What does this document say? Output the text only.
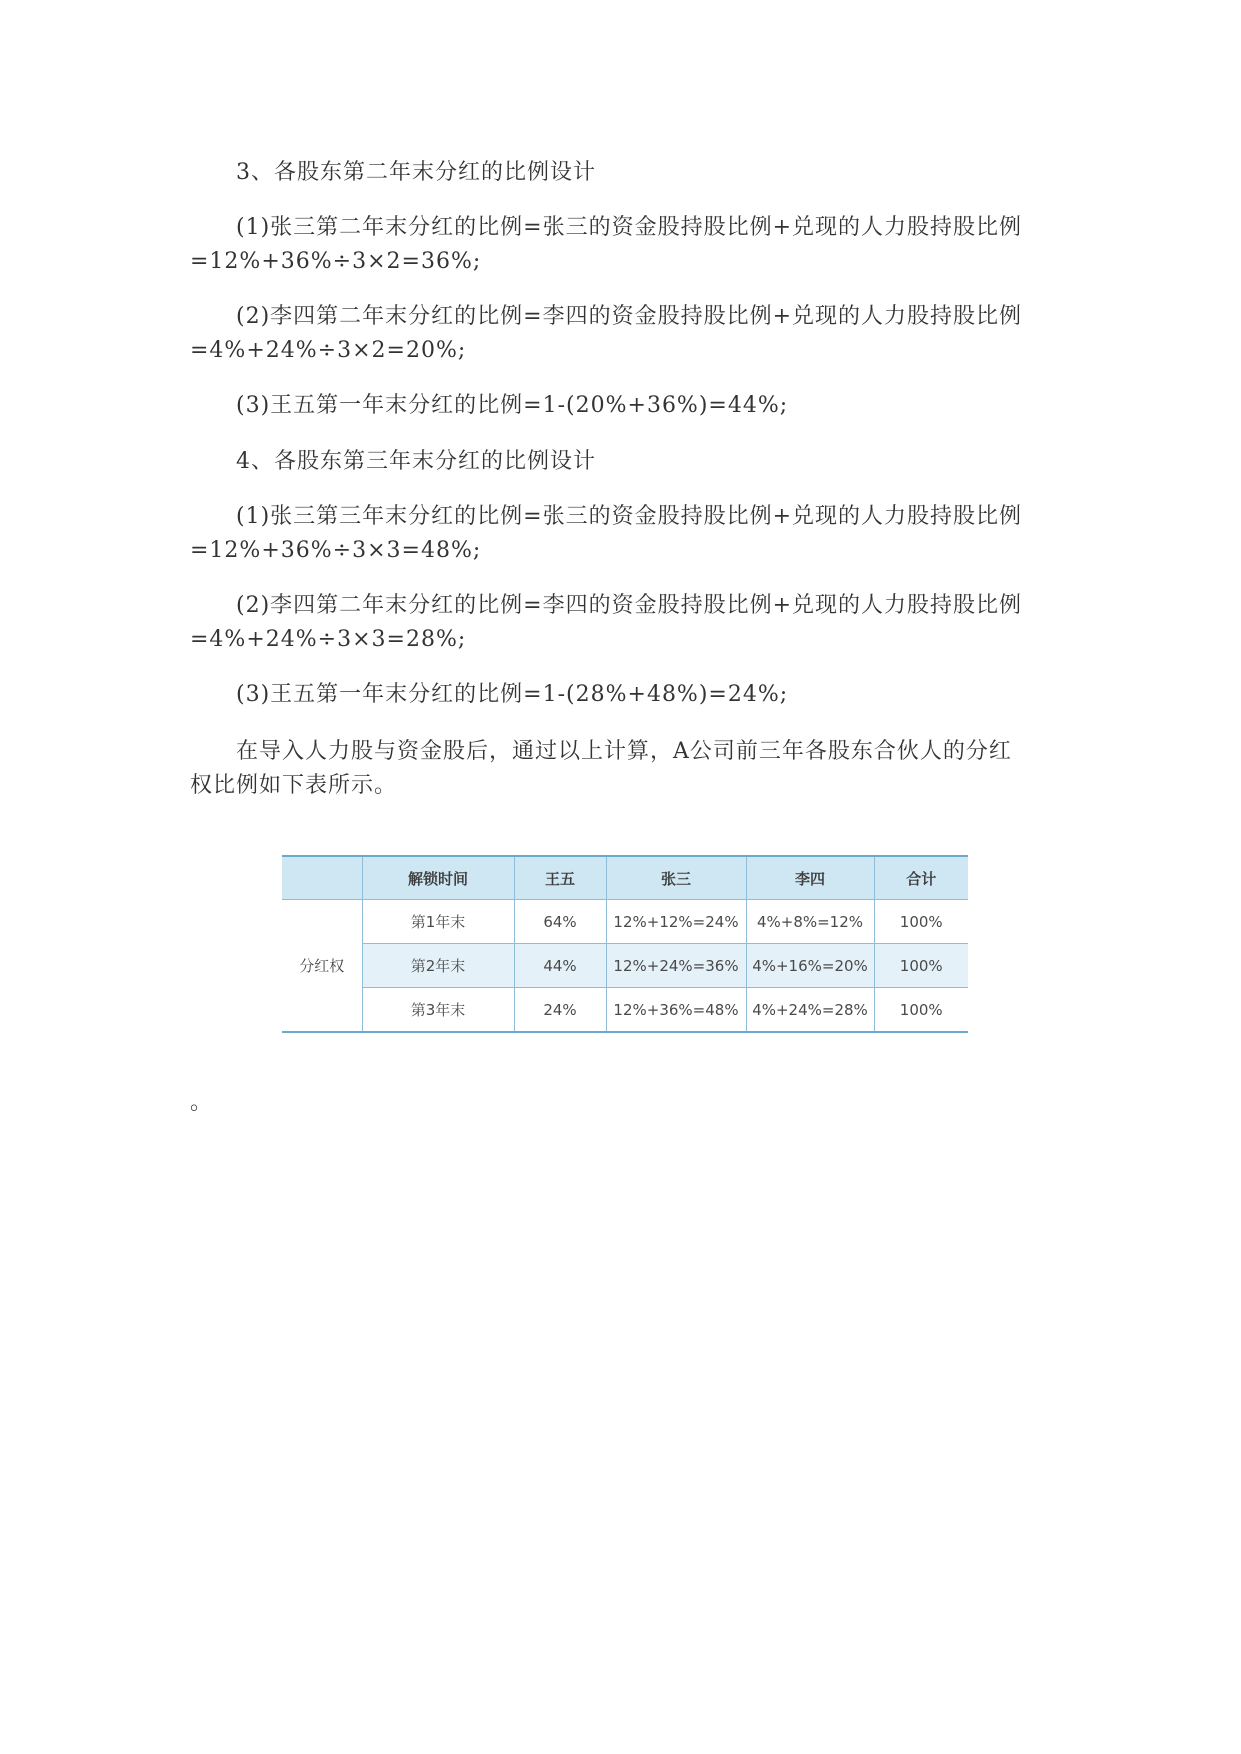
3、各股东第二年末分红的比例设计
(1)张三第二年末分红的比例=张三的资金股持股比例+兑现的人力股持股比例
=12%+36%÷3×2=36%;
(2)李四第二年末分红的比例=李四的资金股持股比例+兑现的人力股持股比例
=4%+24%÷3×2=20%;
(3)王五第一年末分红的比例=1-(20%+36%)=44%;
4、各股东第三年末分红的比例设计
(1)张三第三年末分红的比例=张三的资金股持股比例+兑现的人力股持股比例
=12%+36%÷3×3=48%;
(2)李四第二年末分红的比例=李四的资金股持股比例+兑现的人力股持股比例
=4%+24%÷3×3=28%;
(3)王五第一年末分红的比例=1-(28%+48%)=24%;
在导入人力股与资金股后，通过以上计算，A公司前三年各股东合伙人的分红
权比例如下表所示。
	解锁时间	王五	张三	李四	合计
分红权	第1年末	64%	12%+12%=24%	4%+8%=12%	100%
	第2年末	44%	12%+24%=36%	4%+16%=20%	100%
	第3年末	24%	12%+36%=48%	4%+24%=28%	100%
。
